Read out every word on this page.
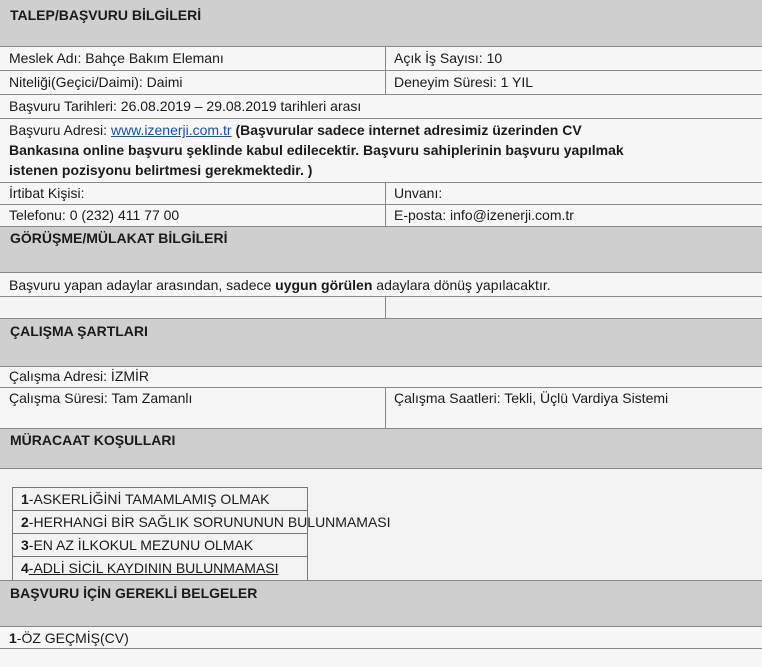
TALEP/BAŞVURU BİLGİLERİ
Meslek Adı: Bahçe Bakım Elemanı	Açık İş Sayısı: 10
Niteliği(Geçici/Daimi): Daimi	Deneyim Süresi: 1 YIL
Başvuru Tarihleri: 26.08.2019 – 29.08.2019 tarihleri arası
Başvuru Adresi: www.izenerji.com.tr (Başvurular sadece internet adresimiz üzerinden CV
Bankasına online başvuru şeklinde kabul edilecektir. Başvuru sahiplerinin başvuru yapılmak
istenen pozisyonu belirtmesi gerekmektedir. )
İrtibat Kişisi:	Unvanı:
Telefonu: 0 (232) 411 77 00	E-posta: info@izenerji.com.tr
GÖRÜŞME/MÜLAKAT BİLGİLERİ
Başvuru yapan adaylar arasından, sadece uygun görülen adaylara dönüş yapılacaktır.
ÇALIŞMA ŞARTLARI
Çalışma Adresi: İZMİR
Çalışma Süresi: Tam Zamanlı	Çalışma Saatleri: Tekli, Üçlü Vardiya Sistemi
MÜRACAAT KOŞULLARI
1-ASKERLİĞİNİ TAMAMLAMIŞ OLMAK
2-HERHANGİ BİR SAĞLIK SORUNUNUN BULUNMAMASI
3-EN AZ İLKOKUL MEZUNU OLMAK
4-ADLİ SİCİL KAYDININ BULUNMAMASI
BAŞVURU İÇİN GEREKLİ BELGELER
1-ÖZ GEÇMİŞ(CV)
